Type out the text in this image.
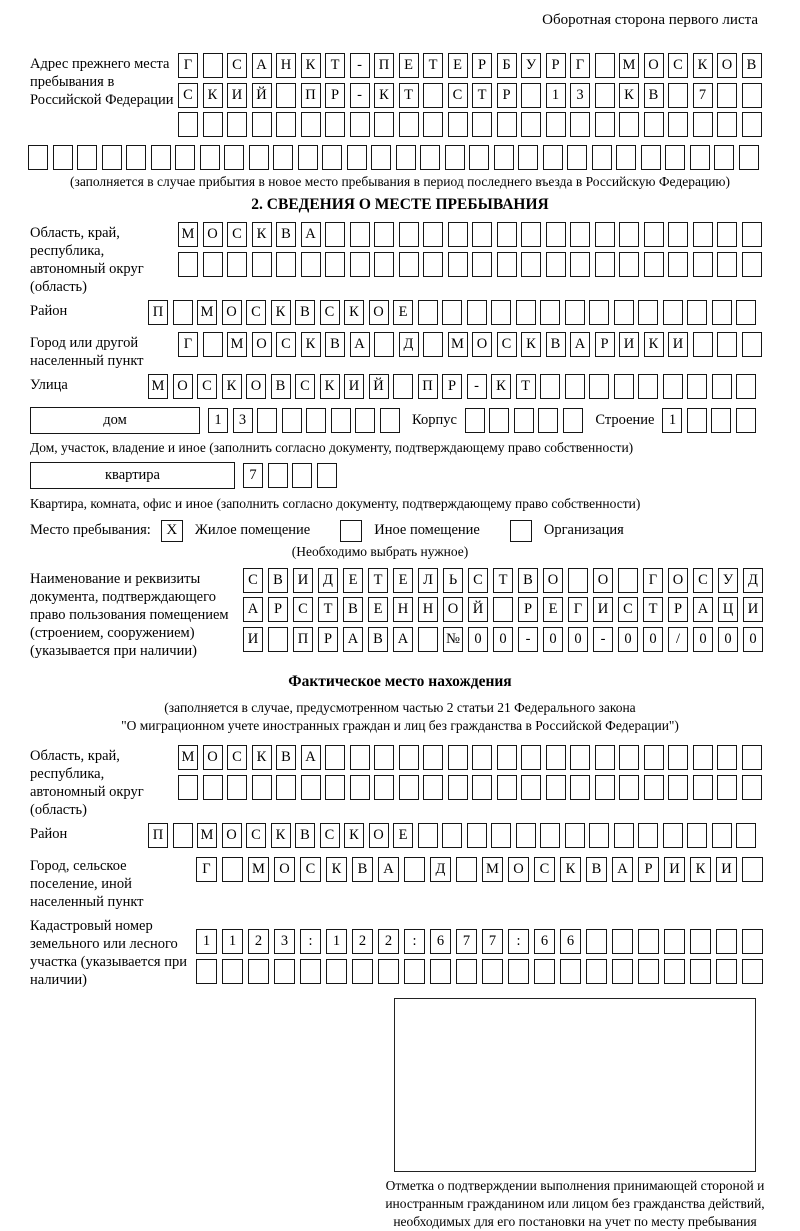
Оборотная сторона первого листа
Адрес прежнего места пребывания в Российской Федерации
Г	С А Н К	Т	-	П	Е	Т	Е	Р	Б	У	Р	Г	М О С	К О В
С	К И Й	П	Р	-	К	Т	С	Т	Р	1	3	К	В	7
(заполняется в случае прибытия в новое место пребывания в период последнего въезда в Российскую Федерацию)
2. СВЕДЕНИЯ О МЕСТЕ ПРЕБЫВАНИЯ
Область, край, республика, автономный округ (область)
М О С	К	В А
Район	П	М О С	К	В	С	К О	Е
Город или другой населенный пункт
Г	М О С	К	В А	Д	М О С	К	В А	Р	И К И
Улица	М О С	К О В	С	К И Й	П	Р	-	К	Т
дом	1	3	Корпус	Строение 1
Дом, участок, владение и иное (заполнить согласно документу, подтверждающему право собственности)
квартира	7
Квартира, комната, офис и иное (заполнить согласно документу, подтверждающему право собственности)
Место пребывания:	X	Жилое помещение	Иное помещение	Организация
(Необходимо выбрать нужное)
Наименование и реквизиты документа, подтверждающего право пользования помещением (строением, сооружением) (указывается при наличии)
С	В	И	Д	Е	Т	Е	Л	Ь	С	Т	В	О	О	Г	О	С	У	Д
А	Р	С	Т	В	Е	Н	Н	О	Й	Р	Е	Г	И	С	Т	Р	А	Ц	И
И	П	Р	А	В	А	№ 0	0	-	0	0	-	0	0	/	0	0	0
Фактическое место нахождения
(заполняется в случае, предусмотренном частью 2 статьи 21 Федерального закона
"О миграционном учете иностранных граждан и лиц без гражданства в Российской Федерации")
Область, край, республика, автономный округ (область)
М О С	К	В А
Район	П	М О С	К	В	С	К О	Е
Город, сельское поселение, иной населенный пункт
Г	М О	С	К	В	А	Д	М О	С	К	В	А	Р	И	К	И
Кадастровый номер земельного или лесного участка (указывается при наличии)
1	1	2	3	:	1	2	2	:	6	7	7	:	6	6
Отметка о подтверждении выполнения принимающей стороной и иностранным гражданином или лицом без гражданства действий, необходимых для его постановки на учет по месту пребывания
